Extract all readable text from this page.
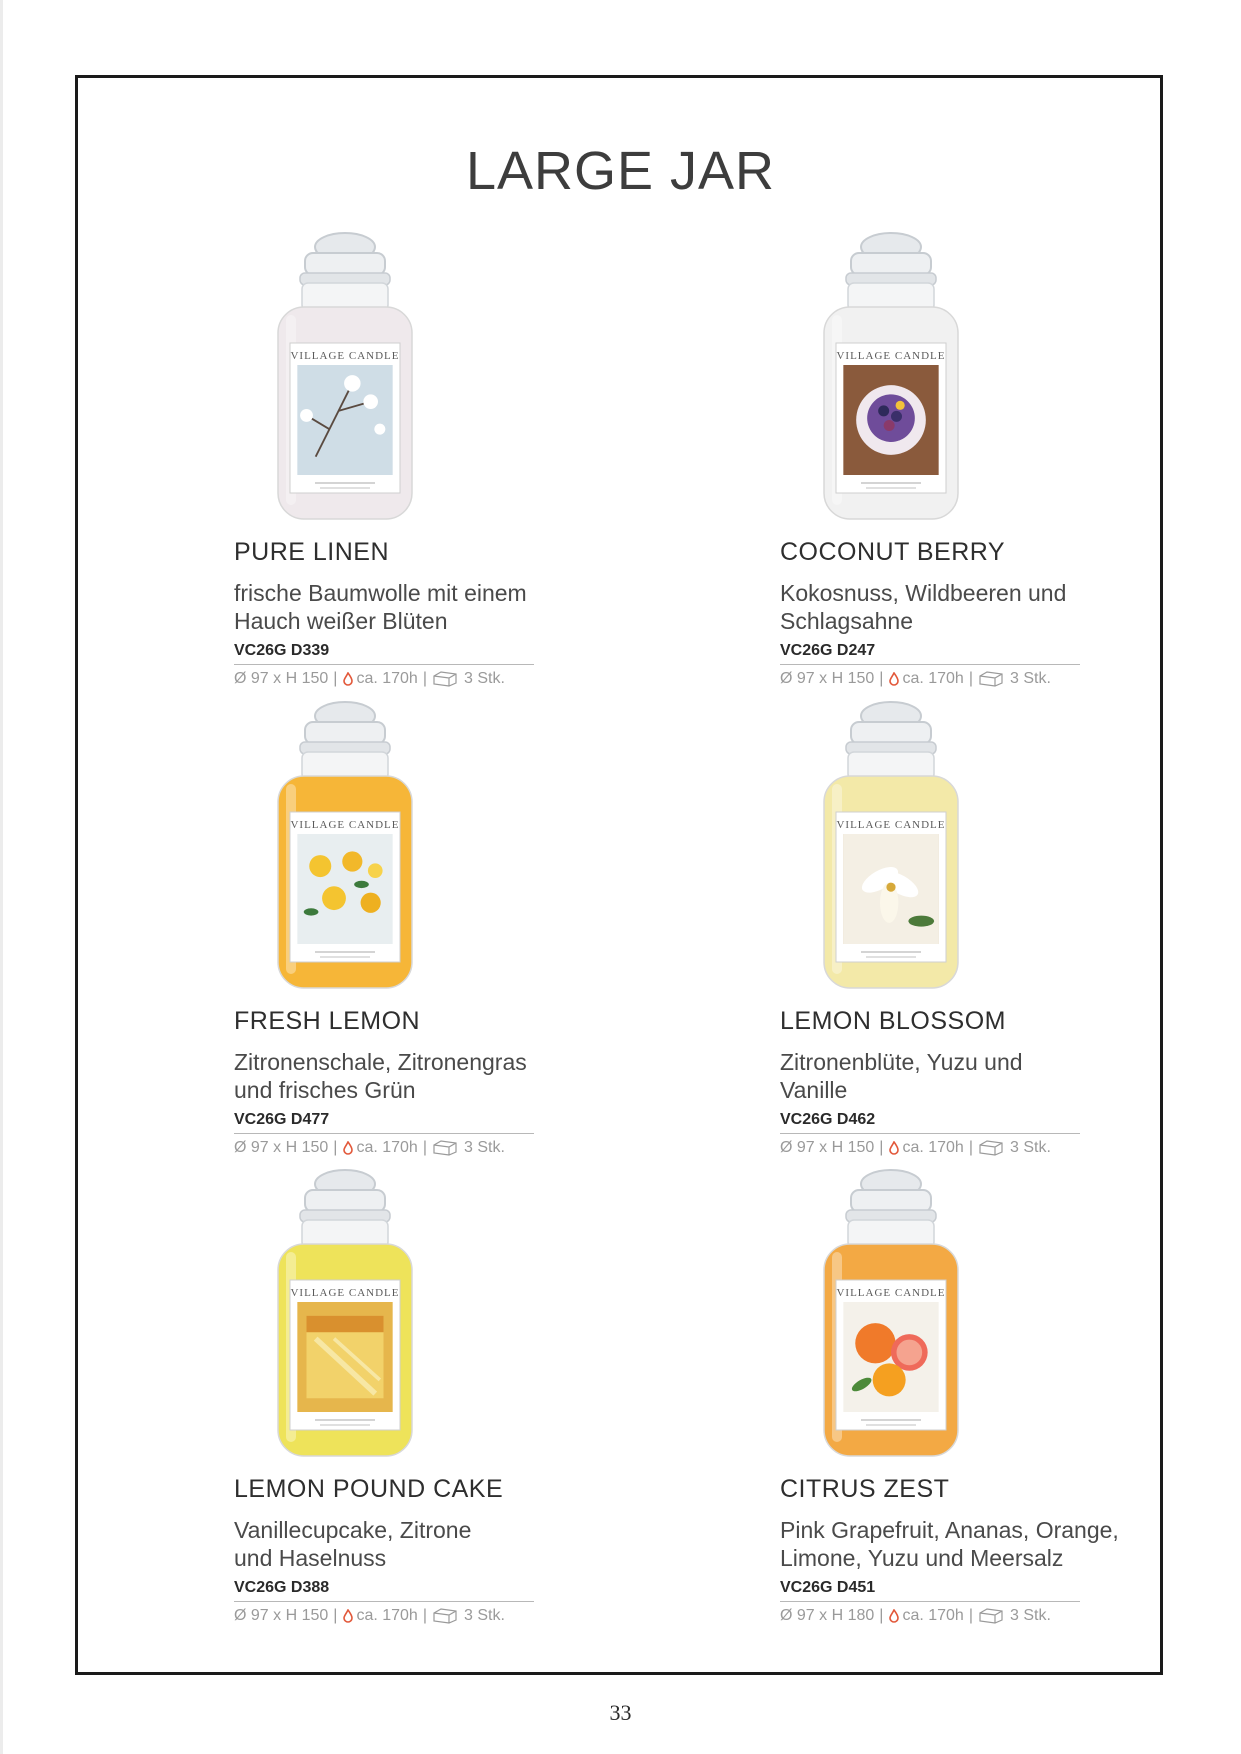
LARGE JAR
VILLAGE CANDLE
PURE LINEN
frische Baumwolle mit einem
Hauch weißer Blüten
VC26G D339
Ø 97 x H 150 | ca. 170h | 3 Stk.
VILLAGE CANDLE
COCONUT BERRY
Kokosnuss, Wildbeeren und
Schlagsahne
VC26G D247
Ø 97 x H 150 | ca. 170h | 3 Stk.
VILLAGE CANDLE
FRESH LEMON
Zitronenschale, Zitronengras
und frisches Grün
VC26G D477
Ø 97 x H 150 | ca. 170h | 3 Stk.
VILLAGE CANDLE
LEMON BLOSSOM
Zitronenblüte, Yuzu und
Vanille
VC26G D462
Ø 97 x H 150 | ca. 170h | 3 Stk.
VILLAGE CANDLE
LEMON POUND CAKE
Vanillecupcake, Zitrone
und Haselnuss
VC26G D388
Ø 97 x H 150 | ca. 170h | 3 Stk.
VILLAGE CANDLE
CITRUS ZEST
Pink Grapefruit, Ananas, Orange,
Limone, Yuzu und Meersalz
VC26G D451
Ø 97 x H 180 | ca. 170h | 3 Stk.
33
